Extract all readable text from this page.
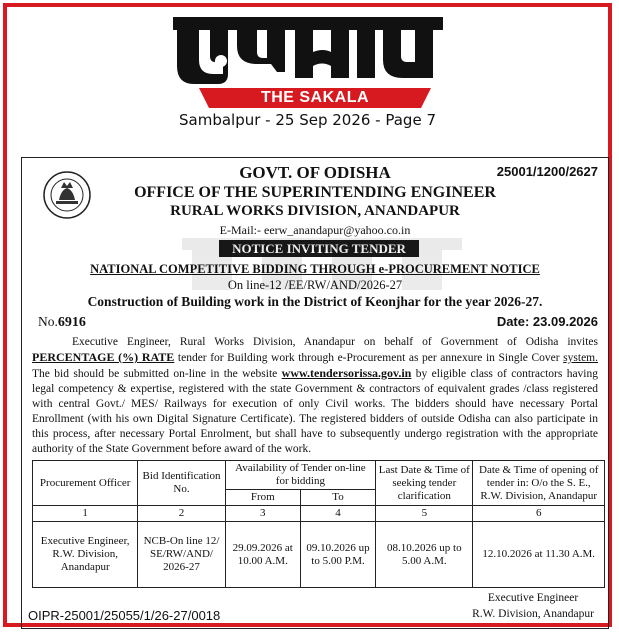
THE SAKALA
Sambalpur - 25 Sep 2026 - Page 7
25001/1200/2627
GOVT. OF ODISHA
OFFICE OF THE SUPERINTENDING ENGINEER
RURAL WORKS DIVISION, ANANDAPUR
E-Mail:- eerw_anandapur@yahoo.co.in
NOTICE INVITING TENDER
NATIONAL COMPETITIVE BIDDING THROUGH e-PROCUREMENT NOTICE
On line-12 /EE/RW/AND/2026-27
Construction of Building work in the District of Keonjhar for the year 2026-27.
No.6916	Date: 23.09.2026
Executive Engineer, Rural Works Division, Anandapur on behalf of Government of Odisha invites PERCENTAGE (%) RATE tender for Building work through e-Procurement as per annexure in Single Cover system. The bid should be submitted on-line in the website www.tendersorissa.gov.in by eligible class of contractors having legal competency & expertise, registered with the state Government & contractors of equivalent grades /class registered with central Govt./ MES/ Railways for execution of only Civil works. The bidders should have necessary Portal Enrollment (with his own Digital Signature Certificate). The registered bidders of outside Odisha can also participate in this process, after necessary Portal Enrolment, but shall have to subsequently undergo registration with the appropriate authority of the State Government before award of the work.
Procurement Officer	Bid Identification No.	Availability of Tender on-line for bidding		Last Date & Time of seeking tender clarification	Date & Time of opening of tender in: O/o the S. E., R.W. Division, Anandapur
		From	To		
1	2	3	4	5	6
Executive Engineer, R.W. Division, Anandapur	NCB-On line 12/ SE/RW/AND/ 2026-27	29.09.2026 at 10.00 A.M.	09.10.2026 up to 5.00 P.M.	08.10.2026 up to 5.00 A.M.	12.10.2026 at 11.30 A.M.
Executive Engineer
R.W. Division, Anandapur
OIPR-25001/25055/1/26-27/0018
